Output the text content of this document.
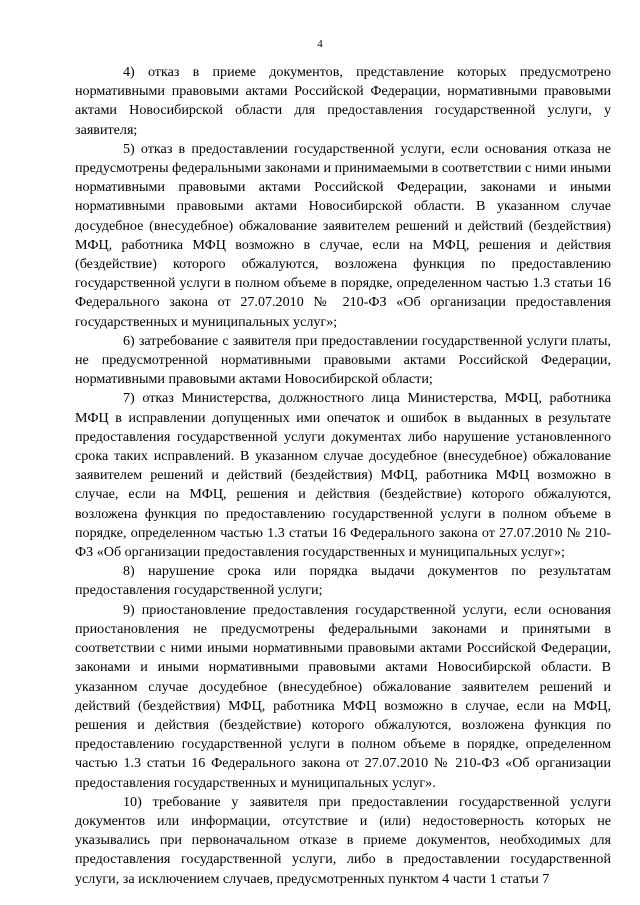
4

4) отказ в приеме документов, представление которых предусмотрено нормативными правовыми актами Российской Федерации, нормативными правовыми актами Новосибирской области для предоставления государственной услуги, у заявителя;

5) отказ в предоставлении государственной услуги, если основания отказа не предусмотрены федеральными законами и принимаемыми в соответствии с ними иными нормативными правовыми актами Российской Федерации, законами и иными нормативными правовыми актами Новосибирской области. В указанном случае досудебное (внесудебное) обжалование заявителем решений и действий (бездействия) МФЦ, работника МФЦ возможно в случае, если на МФЦ, решения и действия (бездействие) которого обжалуются, возложена функция по предоставлению государственной услуги в полном объеме в порядке, определенном частью 1.3 статьи 16 Федерального закона от 27.07.2010 № 210-ФЗ «Об организации предоставления государственных и муниципальных услуг»;

6) затребование с заявителя при предоставлении государственной услуги платы, не предусмотренной нормативными правовыми актами Российской Федерации, нормативными правовыми актами Новосибирской области;

7) отказ Министерства, должностного лица Министерства, МФЦ, работника МФЦ в исправлении допущенных ими опечаток и ошибок в выданных в результате предоставления государственной услуги документах либо нарушение установленного срока таких исправлений. В указанном случае досудебное (внесудебное) обжалование заявителем решений и действий (бездействия) МФЦ, работника МФЦ возможно в случае, если на МФЦ, решения и действия (бездействие) которого обжалуются, возложена функция по предоставлению государственной услуги в полном объеме в порядке, определенном частью 1.3 статьи 16 Федерального закона от 27.07.2010 № 210-ФЗ «Об организации предоставления государственных и муниципальных услуг»;

8) нарушение срока или порядка выдачи документов по результатам предоставления государственной услуги;

9) приостановление предоставления государственной услуги, если основания приостановления не предусмотрены федеральными законами и принятыми в соответствии с ними иными нормативными правовыми актами Российской Федерации, законами и иными нормативными правовыми актами Новосибирской области. В указанном случае досудебное (внесудебное) обжалование заявителем решений и действий (бездействия) МФЦ, работника МФЦ возможно в случае, если на МФЦ, решения и действия (бездействие) которого обжалуются, возложена функция по предоставлению государственной услуги в полном объеме в порядке, определенном частью 1.3 статьи 16 Федерального закона от 27.07.2010 № 210-ФЗ «Об организации предоставления государственных и муниципальных услуг».

10) требование у заявителя при предоставлении государственной услуги документов или информации, отсутствие и (или) недостоверность которых не указывались при первоначальном отказе в приеме документов, необходимых для предоставления государственной услуги, либо в предоставлении государственной услуги, за исключением случаев, предусмотренных пунктом 4 части 1 статьи 7
